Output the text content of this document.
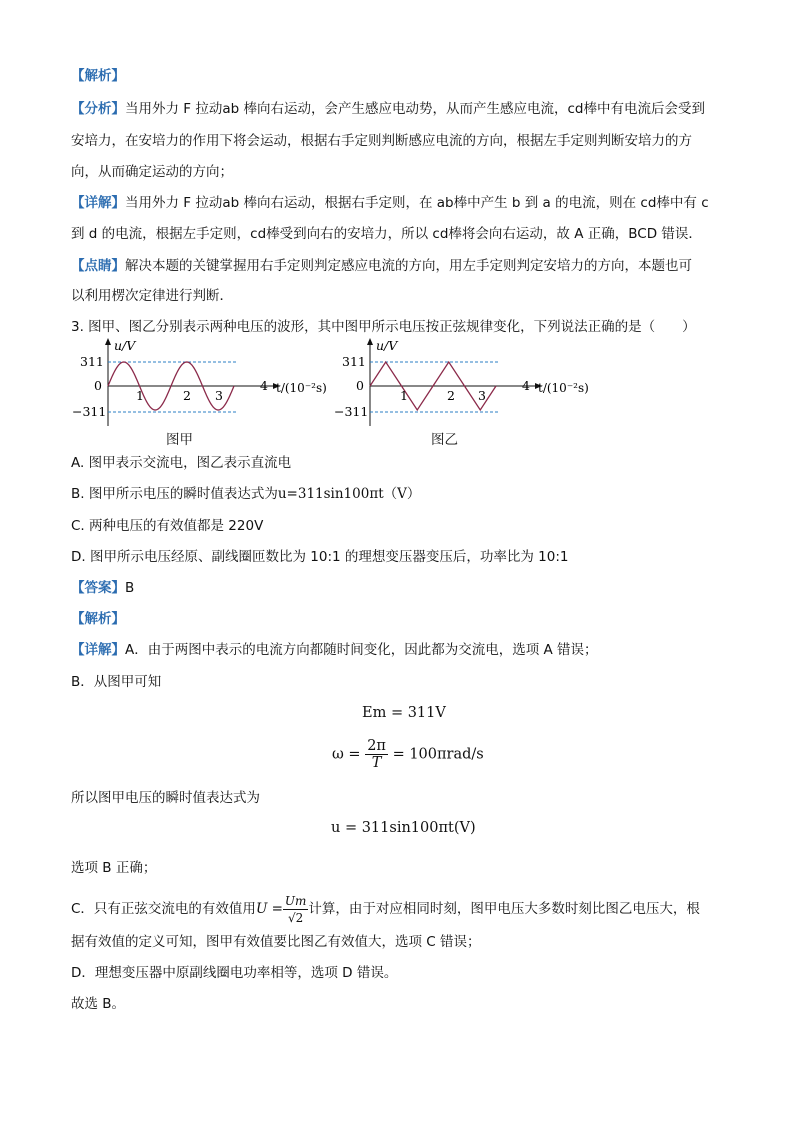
【解析】
【分析】当用外力 F 拉动ab 棒向右运动，会产生感应电动势，从而产生感应电流，cd棒中有电流后会受到
安培力，在安培力的作用下将会运动，根据右手定则判断感应电流的方向，根据左手定则判断安培力的方
向，从而确定运动的方向；
【详解】当用外力 F 拉动ab 棒向右运动，根据右手定则，在 ab棒中产生 b 到 a 的电流，则在 cd棒中有 c
到 d 的电流，根据左手定则，cd棒受到向右的安培力，所以 cd棒将会向右运动，故 A 正确，BCD 错误．
【点睛】解决本题的关键掌握用右手定则判定感应电流的方向，用左手定则判定安培力的方向，本题也可
以利用楞次定律进行判断．
3. 图甲、图乙分别表示两种电压的波形，其中图甲所示电压按正弦规律变化，下列说法正确的是（　　）
u/V
311
0
−311
1	2 3
4 t/(10⁻²s)
u/V
311
0
−311
1	2 3
4 t/(10⁻²s)
图甲	图乙
A. 图甲表示交流电，图乙表示直流电
B. 图甲所示电压的瞬时值表达式为u=311sin100πt（V）
C. 两种电压的有效值都是 220V
D. 图甲所示电压经原、副线圈匝数比为 10:1 的理想变压器变压后，功率比为 10:1
【答案】B
【解析】
【详解】A．由于两图中表示的电流方向都随时间变化，因此都为交流电，选项 A 错误；
B．从图甲可知
Em = 311V
$\omega = \frac{2\pi}{T} = 100\pi rad/s$
所以图甲电压的瞬时值表达式为
u = 311sin100πt(V)
选项 B 正确；
C．只有正弦交流电的有效值用$U = \frac{Um}{√2}$ 计算，由于对应相同时刻，图甲电压大多数时刻比图乙电压大，根
据有效值的定义可知，图甲有效值要比图乙有效值大，选项 C 错误；
D．理想变压器中原副线圈电功率相等，选项 D 错误。
故选 B。
